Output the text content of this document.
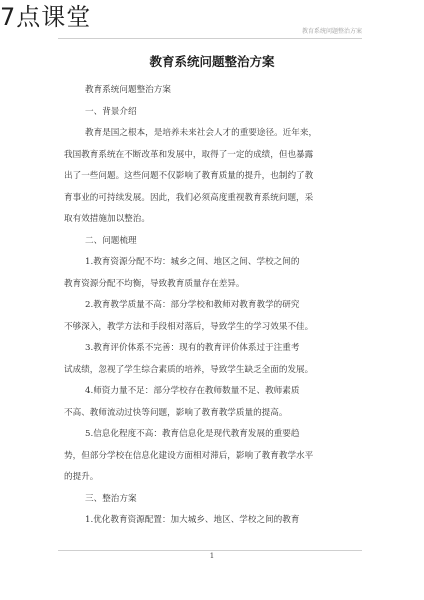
7点课堂
教育系统问题整治方案
教育系统问题整治方案
教育系统问题整治方案
一、背景介绍
教育是国之根本，是培养未来社会人才的重要途径。近年来，
我国教育系统在不断改革和发展中，取得了一定的成绩，但也暴露
出了一些问题。这些问题不仅影响了教育质量的提升，也制约了教
育事业的可持续发展。因此，我们必须高度重视教育系统问题，采
取有效措施加以整治。
二、问题梳理
1.教育资源分配不均：城乡之间、地区之间、学校之间的
教育资源分配不均衡，导致教育质量存在差异。
2.教育教学质量不高：部分学校和教师对教育教学的研究
不够深入，教学方法和手段相对落后，导致学生的学习效果不佳。
3.教育评价体系不完善：现有的教育评价体系过于注重考
试成绩，忽视了学生综合素质的培养，导致学生缺乏全面的发展。
4.师资力量不足：部分学校存在教师数量不足、教师素质
不高、教师流动过快等问题，影响了教育教学质量的提高。
5.信息化程度不高：教育信息化是现代教育发展的重要趋
势，但部分学校在信息化建设方面相对滞后，影响了教育教学水平
的提升。
三、整治方案
1.优化教育资源配置：加大城乡、地区、学校之间的教育
1
